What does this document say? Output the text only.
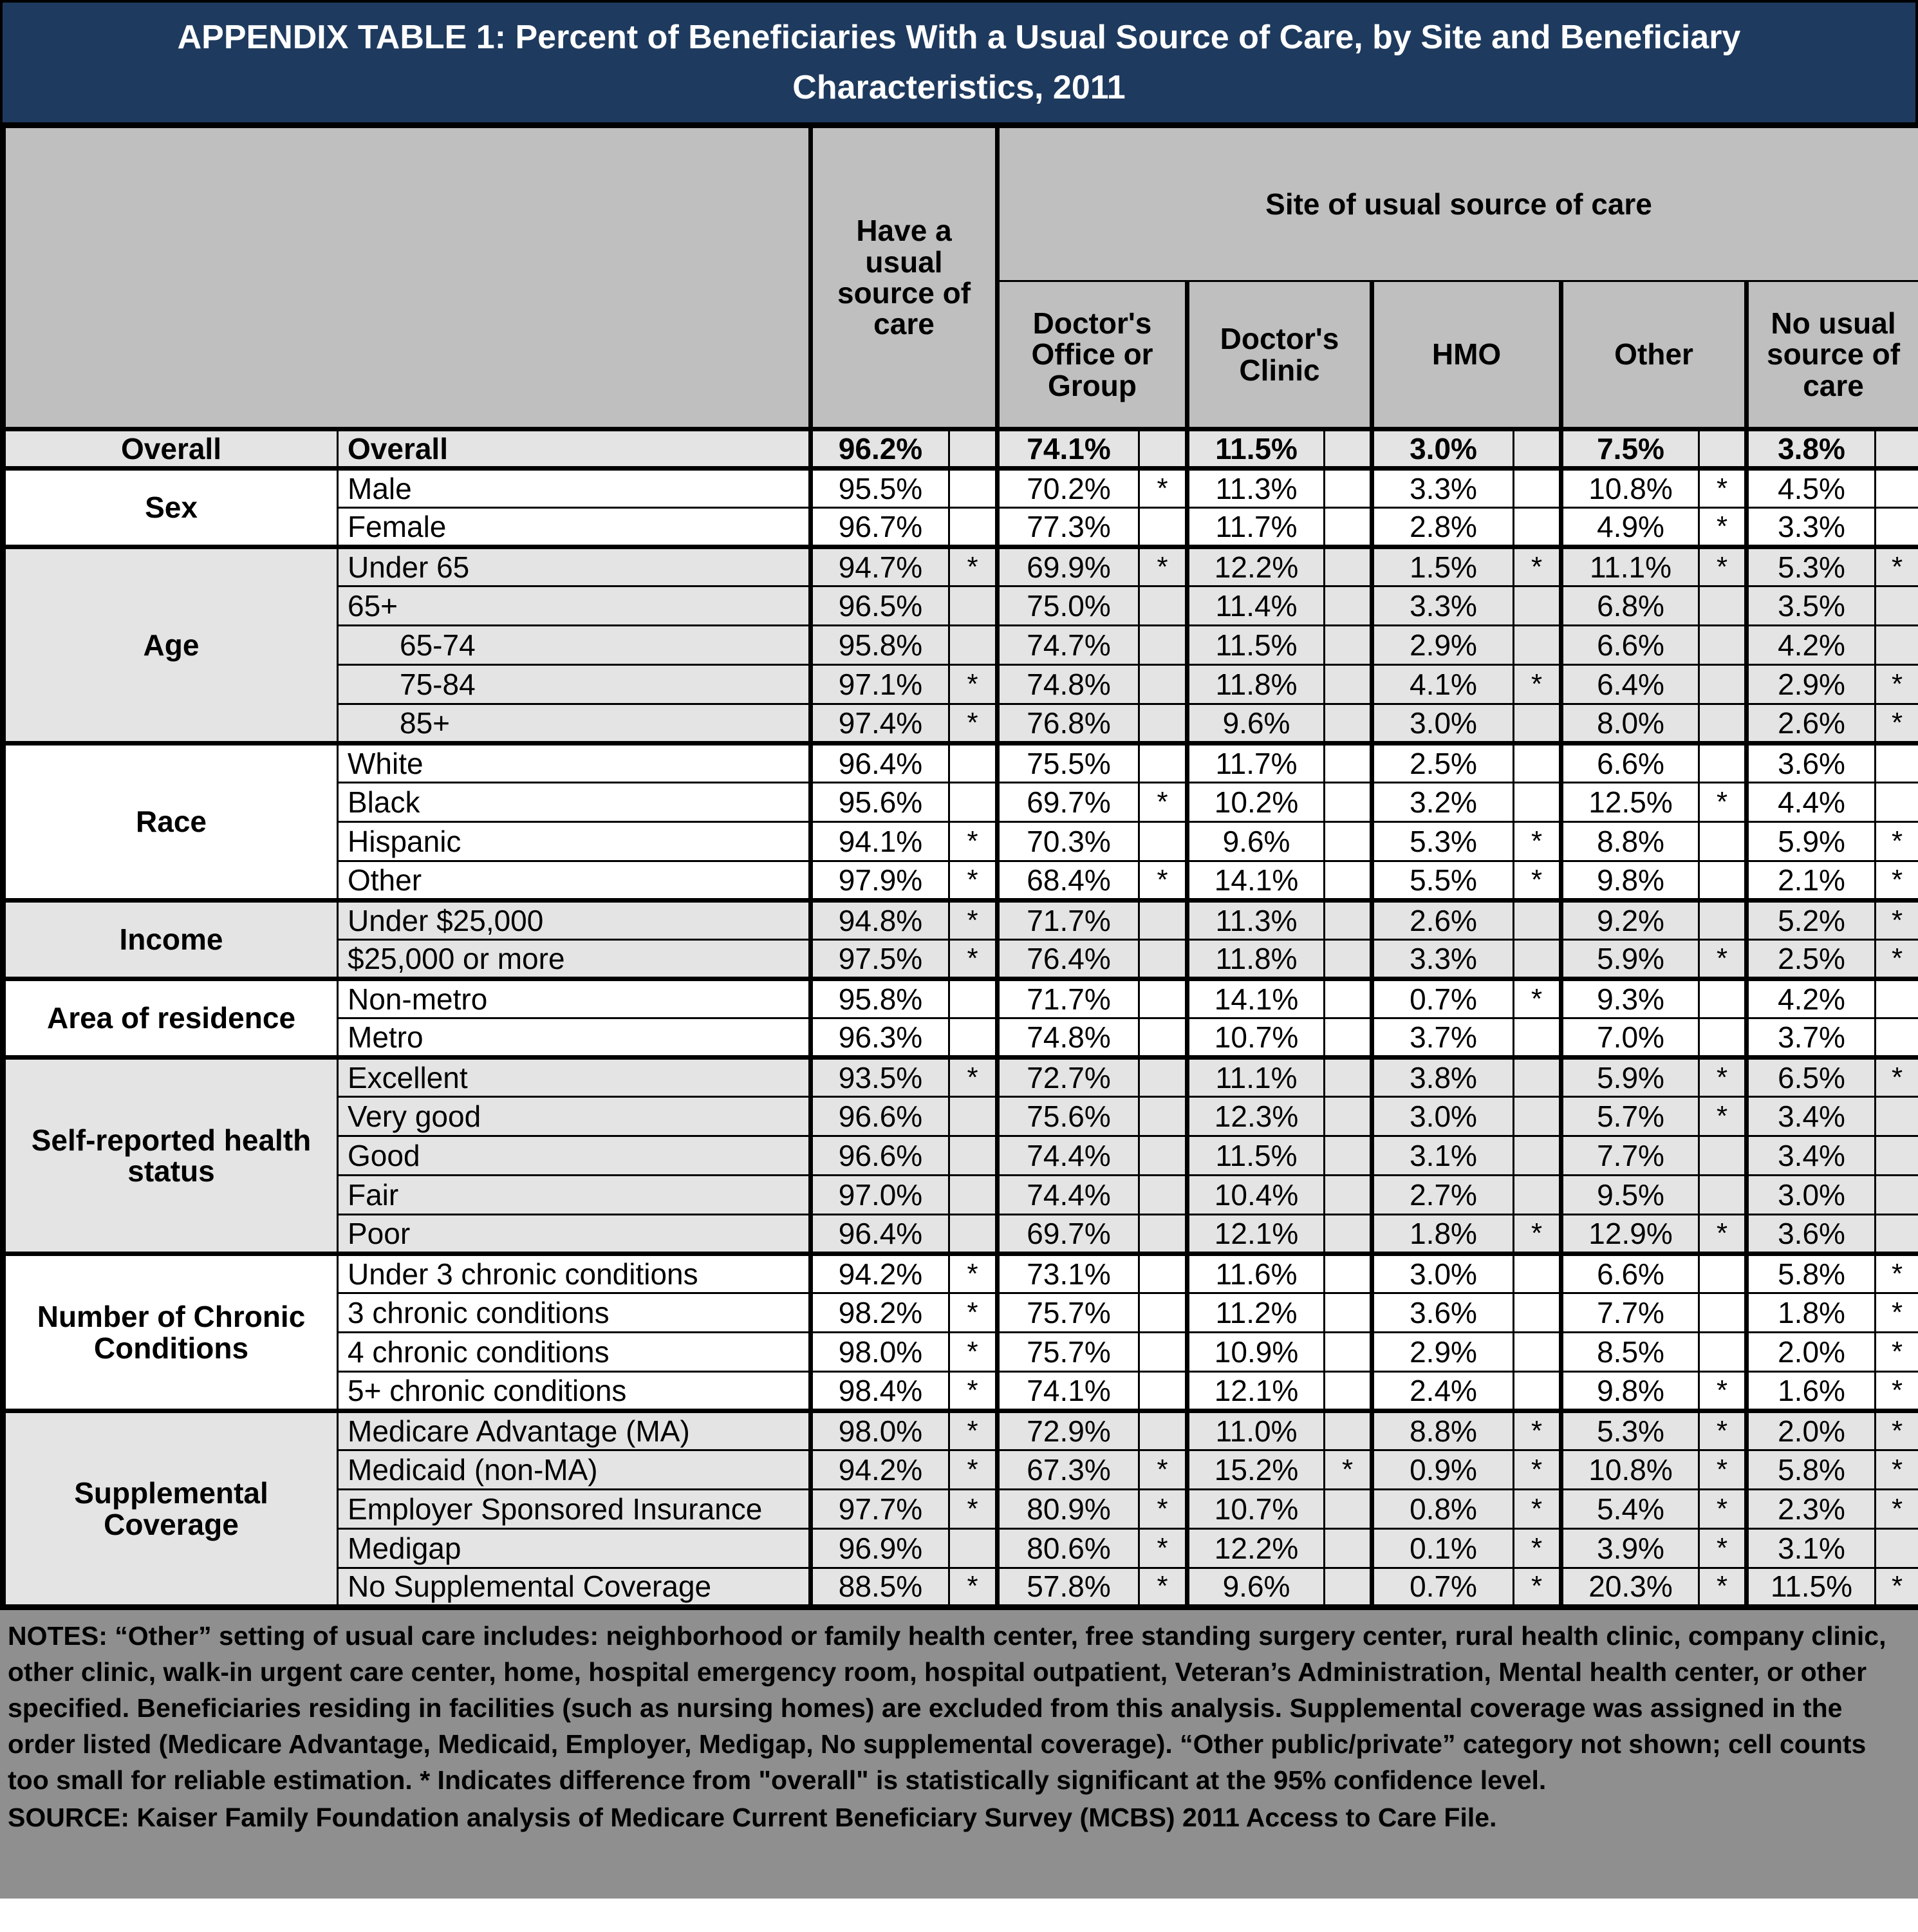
APPENDIX TABLE 1: Percent of Beneficiaries With a Usual Source of Care, by Site and Beneficiary Characteristics, 2011
		Have a usual source of care		Site of usual source of care									
				Doctor's Office or Group		Doctor's Clinic		HMO		Other		No usual source of care	
Overall	Overall	96.2%		74.1%		11.5%		3.0%		7.5%		3.8%	
Sex	Male	95.5%		70.2%	*	11.3%		3.3%		10.8%	*	4.5%	
	Female	96.7%		77.3%		11.7%		2.8%		4.9%	*	3.3%	
Age	Under 65	94.7%	*	69.9%	*	12.2%		1.5%	*	11.1%	*	5.3%	*
	65+	96.5%		75.0%		11.4%		3.3%		6.8%		3.5%	
	65-74	95.8%		74.7%		11.5%		2.9%		6.6%		4.2%	
	75-84	97.1%	*	74.8%		11.8%		4.1%	*	6.4%		2.9%	*
	85+	97.4%	*	76.8%		9.6%		3.0%		8.0%		2.6%	*
Race	White	96.4%		75.5%		11.7%		2.5%		6.6%		3.6%	
	Black	95.6%		69.7%	*	10.2%		3.2%		12.5%	*	4.4%	
	Hispanic	94.1%	*	70.3%		9.6%		5.3%	*	8.8%		5.9%	*
	Other	97.9%	*	68.4%	*	14.1%		5.5%	*	9.8%		2.1%	*
Income	Under $25,000	94.8%	*	71.7%		11.3%		2.6%		9.2%		5.2%	*
	$25,000 or more	97.5%	*	76.4%		11.8%		3.3%		5.9%	*	2.5%	*
Area of residence	Non-metro	95.8%		71.7%		14.1%		0.7%	*	9.3%		4.2%	
	Metro	96.3%		74.8%		10.7%		3.7%		7.0%		3.7%	
Self-reported health status	Excellent	93.5%	*	72.7%		11.1%		3.8%		5.9%	*	6.5%	*
	Very good	96.6%		75.6%		12.3%		3.0%		5.7%	*	3.4%	
	Good	96.6%		74.4%		11.5%		3.1%		7.7%		3.4%	
	Fair	97.0%		74.4%		10.4%		2.7%		9.5%		3.0%	
	Poor	96.4%		69.7%		12.1%		1.8%	*	12.9%	*	3.6%	
Number of Chronic Conditions	Under 3 chronic conditions	94.2%	*	73.1%		11.6%		3.0%		6.6%		5.8%	*
	3 chronic conditions	98.2%	*	75.7%		11.2%		3.6%		7.7%		1.8%	*
	4 chronic conditions	98.0%	*	75.7%		10.9%		2.9%		8.5%		2.0%	*
	5+ chronic conditions	98.4%	*	74.1%		12.1%		2.4%		9.8%	*	1.6%	*
Supplemental Coverage	Medicare Advantage (MA)	98.0%	*	72.9%		11.0%		8.8%	*	5.3%	*	2.0%	*
	Medicaid (non-MA)	94.2%	*	67.3%	*	15.2%	*	0.9%	*	10.8%	*	5.8%	*
	Employer Sponsored Insurance	97.7%	*	80.9%	*	10.7%		0.8%	*	5.4%	*	2.3%	*
	Medigap	96.9%		80.6%	*	12.2%		0.1%	*	3.9%	*	3.1%	
	No Supplemental Coverage	88.5%	*	57.8%	*	9.6%		0.7%	*	20.3%	*	11.5%	*

NOTES: “Other” setting of usual care includes: neighborhood or family health center, free standing surgery center, rural health clinic, company clinic, other clinic, walk-in urgent care center, home, hospital emergency room, hospital outpatient, Veteran’s Administration, Mental health center, or other specified. Beneficiaries residing in facilities (such as nursing homes) are excluded from this analysis. Supplemental coverage was assigned in the order listed (Medicare Advantage, Medicaid, Employer, Medigap, No supplemental coverage). “Other public/private” category not shown; cell counts too small for reliable estimation. * Indicates difference from "overall" is statistically significant at the 95% confidence level.

SOURCE: Kaiser Family Foundation analysis of Medicare Current Beneficiary Survey (MCBS) 2011 Access to Care File.
